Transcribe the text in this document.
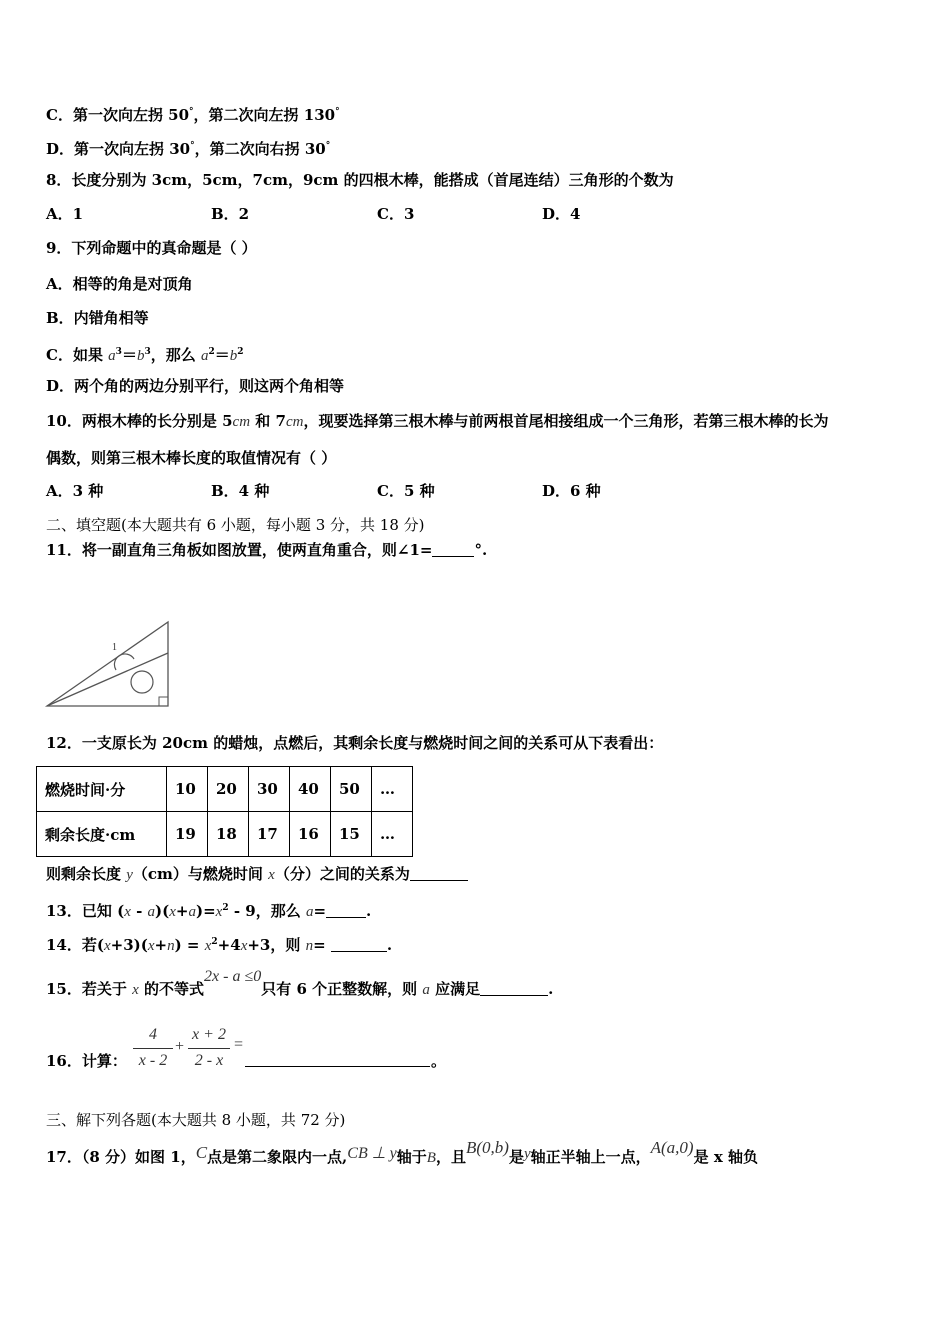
C．第一次向左拐 50°，第二次向左拐 130°
D．第一次向左拐 30°，第二次向右拐 30°
8．长度分别为 3cm，5cm，7cm，9cm 的四根木棒，能搭成（首尾连结）三角形的个数为
A．1	B．2	C．3	D．4
9．下列命题中的真命题是（ ）
A．相等的角是对顶角
B．内错角相等
C．如果 $a^3=b^3$，那么 $a^2=b^2$
D．两个角的两边分别平行，则这两个角相等
10．两根木棒的长分别是 5cm 和 7cm，现要选择第三根木棒与前两根首尾相接组成一个三角形，若第三根木棒的长为
偶数，则第三根木棒长度的取值情况有（ ）
A．3 种	B．4 种	C．5 种	D．6 种
二、填空题(本大题共有 6 小题，每小题 3 分，共 18 分)
11．将一副直角三角板如图放置，使两直角重合，则∠1=	°.
1
12．一支原长为 20cm 的蜡烛，点燃后，其剩余长度与燃烧时间之间的关系可从下表看出：
燃烧时间·分	10	20	30	40	50	…
剩余长度·cm	19	18	17	16	15	…
则剩余长度 y（cm）与燃烧时间 x（分）之间的关系为
13．已知 $(x - a)(x+a)=x^2 - 9$，那么 a=	.
14．若$(x+3)(x+n) = x^2+4x+3$，则 n=	.
15．若关于 x 的不等式2x - a ≤0只有 6 个正整数解，则 a 应满足	.
16．计算：
4
x - 2
+
x + 2
2 - x
=
。
三、解下列各题(本大题共 8 小题，共 72 分)
17．（8 分）如图 1，C点是第二象限内一点,CB ⊥ y轴于B，且B(0,b)是y轴正半轴上一点，A(a,0)是 x 轴负
